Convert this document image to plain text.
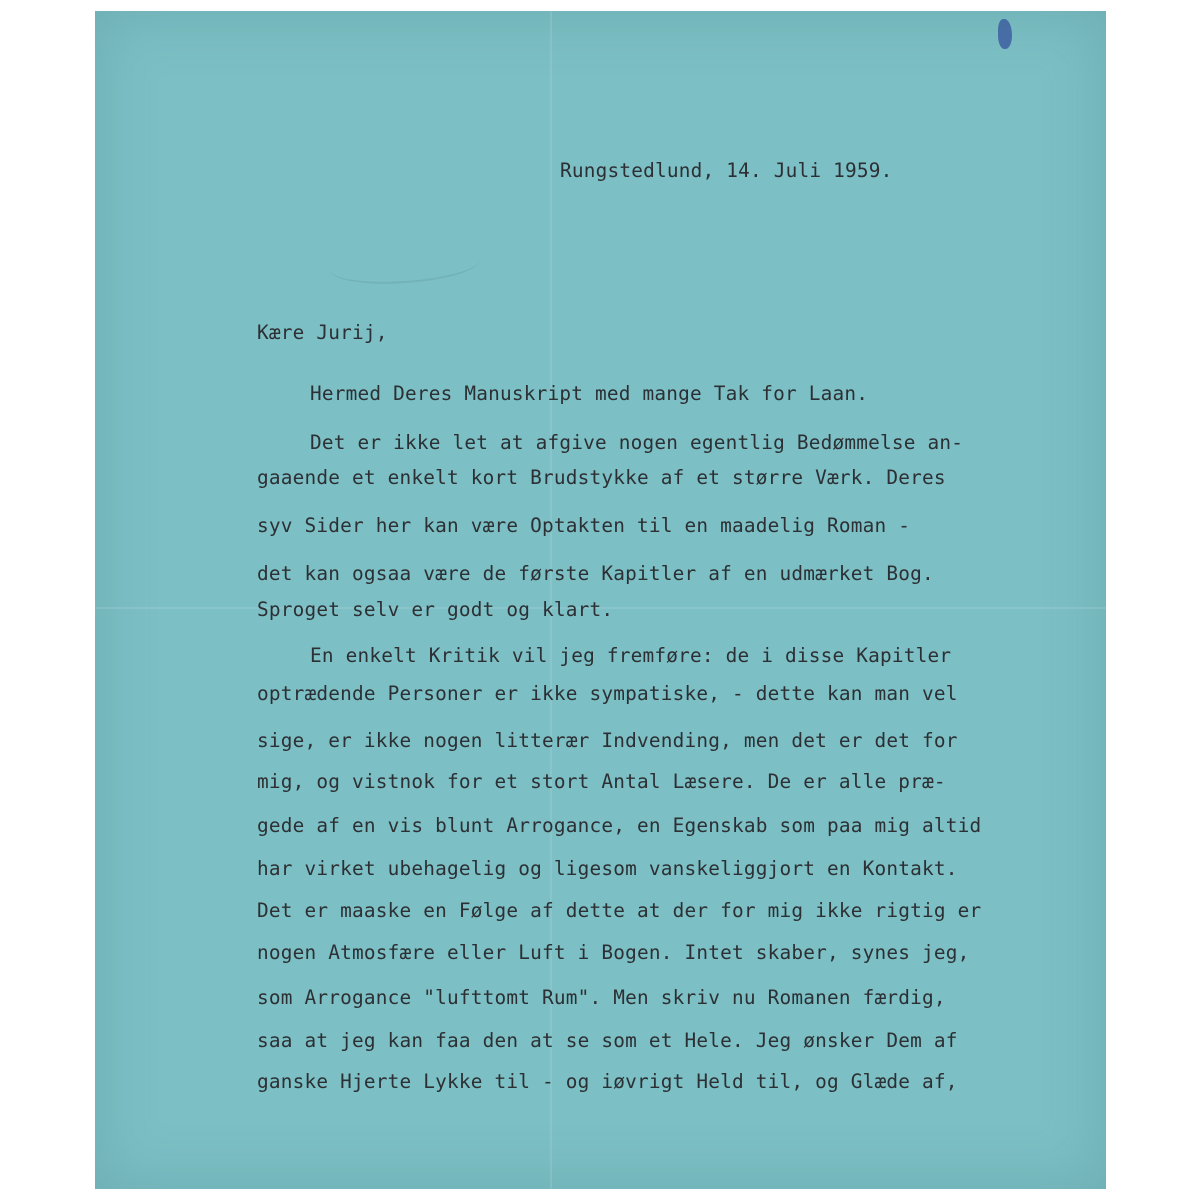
Rungstedlund, 14. Juli 1959.
Kære Jurij,
Hermed Deres Manuskript med mange Tak for Laan.
Det er ikke let at afgive nogen egentlig Bedømmelse an-
gaaende et enkelt kort Brudstykke af et større Værk. Deres
syv Sider her kan være Optakten til en maadelig Roman -
det kan ogsaa være de første Kapitler af en udmærket Bog.
Sproget selv er godt og klart.
En enkelt Kritik vil jeg fremføre: de i disse Kapitler
optrædende Personer er ikke sympatiske, - dette kan man vel
sige, er ikke nogen litterær Indvending, men det er det for
mig, og vistnok for et stort Antal Læsere. De er alle præ-
gede af en vis blunt Arrogance, en Egenskab som paa mig altid
har virket ubehagelig og ligesom vanskeliggjort en Kontakt.
Det er maaske en Følge af dette at der for mig ikke rigtig er
nogen Atmosfære eller Luft i Bogen. Intet skaber, synes jeg,
som Arrogance "lufttomt Rum". Men skriv nu Romanen færdig,
saa at jeg kan faa den at se som et Hele. Jeg ønsker Dem af
ganske Hjerte Lykke til - og iøvrigt Held til, og Glæde af,
